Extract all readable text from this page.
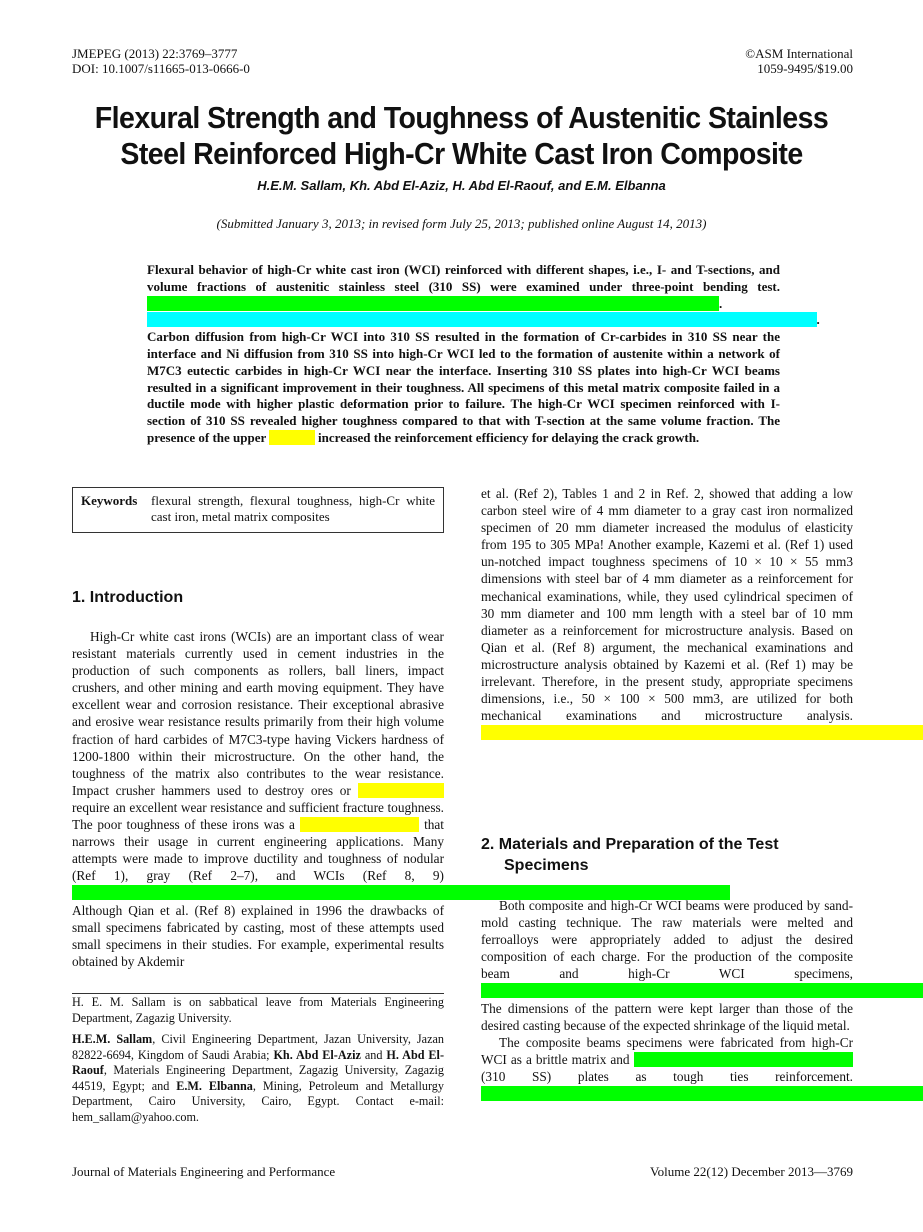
JMEPEG (2013) 22:3769–3777
DOI: 10.1007/s11665-013-0666-0
©ASM International
1059-9495/$19.00
Flexural Strength and Toughness of Austenitic Stainless
Steel Reinforced High-Cr White Cast Iron Composite
H.E.M. Sallam, Kh. Abd El-Aziz, H. Abd El-Raouf, and E.M. Elbanna
(Submitted January 3, 2013; in revised form July 25, 2013; published online August 14, 2013)
Flexural behavior of high-Cr white cast iron (WCI) reinforced with different shapes, i.e., I- and T-sections, and volume fractions of austenitic stainless steel (310 SS) were examined under three-point bending test. . . Carbon diffusion from high-Cr WCI into 310 SS resulted in the formation of Cr-carbides in 310 SS near the interface and Ni diffusion from 310 SS into high-Cr WCI led to the formation of austenite within a network of M7C3 eutectic carbides in high-Cr WCI near the interface. Inserting 310 SS plates into high-Cr WCI beams resulted in a significant improvement in their toughness. All specimens of this metal matrix composite failed in a ductile mode with higher plastic deformation prior to failure. The high-Cr WCI specimen reinforced with I-section of 310 SS revealed higher toughness compared to that with T-section at the same volume fraction. The presence of the upper	increased the reinforcement efficiency for delaying the crack growth.
Keywords	flexural strength, flexural toughness, high-Cr white cast iron, metal matrix composites
1. Introduction

High-Cr white cast irons (WCIs) are an important class of wear resistant materials currently used in cement industries in the production of such components as rollers, ball liners, impact crushers, and other mining and earth moving equipment. They have excellent wear and corrosion resistance. Their exceptional abrasive and erosive wear resistance results primarily from their high volume fraction of hard carbides of M7C3-type having Vickers hardness of 1200-1800 within their microstructure. On the other hand, the toughness of the matrix also contributes to the wear resistance. Impact crusher hammers used to destroy ores or require an excellent wear resistance and sufficient fracture toughness. The poor toughness of these irons was a	that narrows their usage in current engineering applications. Many attempts were made to improve ductility and toughness of nodular (Ref 1), gray (Ref 2–7), and WCIs (Ref 8, 9) Although Qian et al. (Ref 8) explained in 1996 the drawbacks of small specimens fabricated by casting, most of these attempts used small specimens in their studies. For example, experimental results obtained by Akdemir

H. E. M. Sallam is on sabbatical leave from Materials Engineering Department, Zagazig University.
H.E.M. Sallam, Civil Engineering Department, Jazan University, Jazan 82822-6694, Kingdom of Saudi Arabia; Kh. Abd El-Aziz and H. Abd El-Raouf, Materials Engineering Department, Zagazig University, Zagazig 44519, Egypt; and E.M. Elbanna, Mining, Petroleum and Metallurgy Department, Cairo University, Cairo, Egypt. Contact e-mail: hem_sallam@yahoo.com.

et al. (Ref 2), Tables 1 and 2 in Ref. 2, showed that adding a low carbon steel wire of 4 mm diameter to a gray cast iron normalized specimen of 20 mm diameter increased the modulus of elasticity from 195 to 305 MPa! Another example, Kazemi et al. (Ref 1) used un-notched impact toughness specimens of 10 × 10 × 55 mm3 dimensions with steel bar of 4 mm diameter as a reinforcement for mechanical examinations, while, they used cylindrical specimen of 30 mm diameter and 100 mm length with a steel bar of 10 mm diameter as a reinforcement for microstructure analysis. Based on Qian et al. (Ref 8) argument, the mechanical examinations and microstructure analysis obtained by Kazemi et al. (Ref 1) may be irrelevant. Therefore, in the present study, appropriate specimens dimensions, i.e., 50 × 100 × 500 mm3, are utilized for both mechanical examinations and microstructure analysis.

2. Materials and Preparation of the Test
Specimens

Both composite and high-Cr WCI beams were produced by sand-mold casting technique. The raw materials were melted and ferroalloys were appropriately added to adjust the desired composition of each charge. For the production of the composite beam and high-Cr WCI specimens, The dimensions of the pattern were kept larger than those of the desired casting because of the expected shrinkage of the liquid metal.

The composite beams specimens were fabricated from high-Cr WCI as a brittle matrix and (310 SS) plates as tough ties reinforcement.

Journal of Materials Engineering and Performance	Volume 22(12) December 2013—3769
